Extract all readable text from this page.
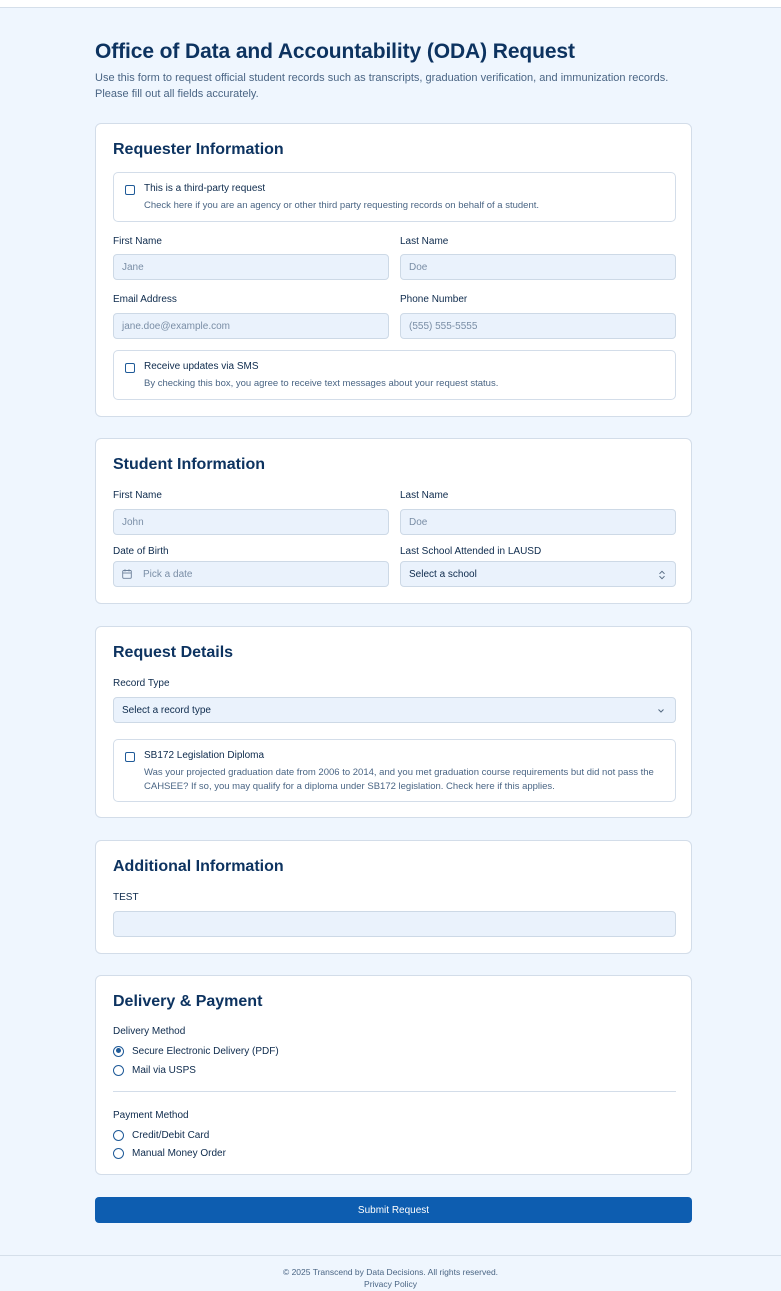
Office of Data and Accountability (ODA) Request

Use this form to request official student records such as transcripts, graduation verification, and immunization records. Please fill out all fields accurately.

Requester Information
This is a third-party request
Check here if you are an agency or other third party requesting records on behalf of a student.
First Name
Jane
Last Name
Doe
Email Address
jane.doe@example.com
Phone Number
(555) 555-5555
Receive updates via SMS
By checking this box, you agree to receive text messages about your request status.
Student Information
First Name
John
Last Name
Doe
Date of Birth
Pick a date
Last School Attended in LAUSD
Select a school
Request Details
Record Type
Select a record type
SB172 Legislation Diploma
Was your projected graduation date from 2006 to 2014, and you met graduation course requirements but did not pass the CAHSEE? If so, you may qualify for a diploma under SB172 legislation. Check here if this applies.
Additional Information
TEST
Delivery & Payment
Delivery Method
Secure Electronic Delivery (PDF)
Mail via USPS
Payment Method
Credit/Debit Card
Manual Money Order
Submit Request
© 2025 Transcend by Data Decisions. All rights reserved.
Privacy Policy
